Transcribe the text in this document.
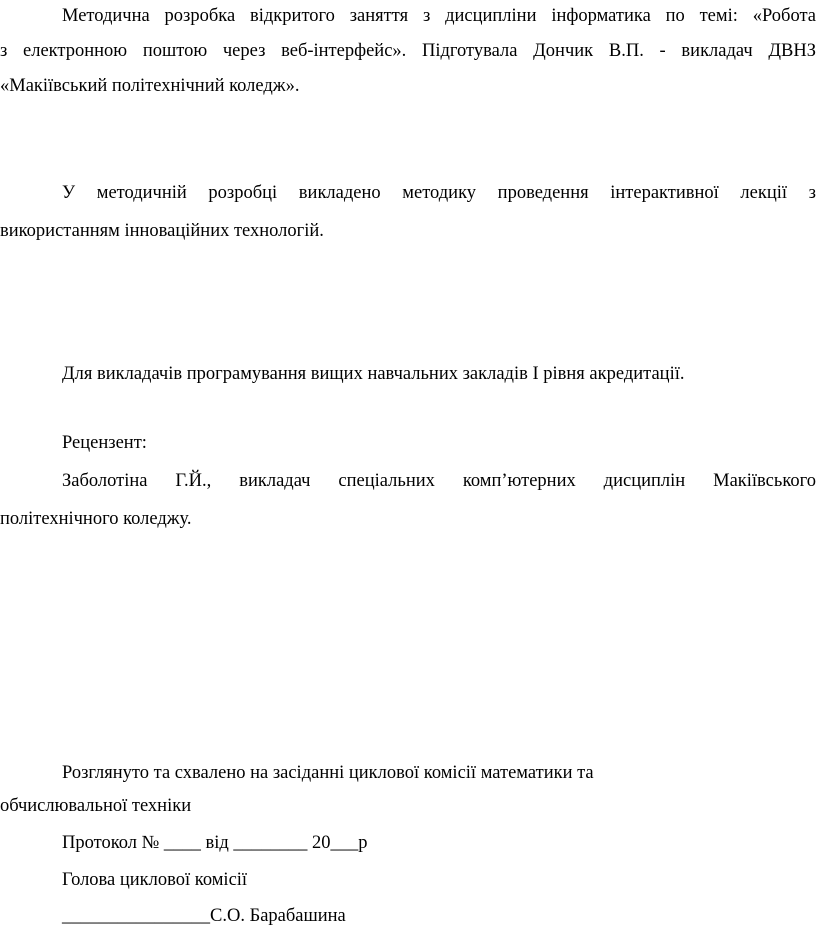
Методична розробка відкритого заняття з дисципліни інформатика по темі: «Робота
з електронною поштою через веб-інтерфейс». Підготувала Дончик В.П. - викладач ДВНЗ
«Макіївський політехнічний коледж».
У методичній розробці викладено методику проведення інтерактивної лекції з
використанням інноваційних технологій.
Для викладачів програмування вищих навчальних закладів І рівня акредитації.
Рецензент:
Заболотіна Г.Й., викладач спеціальних комп’ютерних дисциплін Макіївського
політехнічного коледжу.
Розглянуто та схвалено на засіданні циклової комісії математики та
обчислювальної техніки
Протокол № ____ від ________ 20___р
Голова циклової комісії
________________С.О. Барабашина
